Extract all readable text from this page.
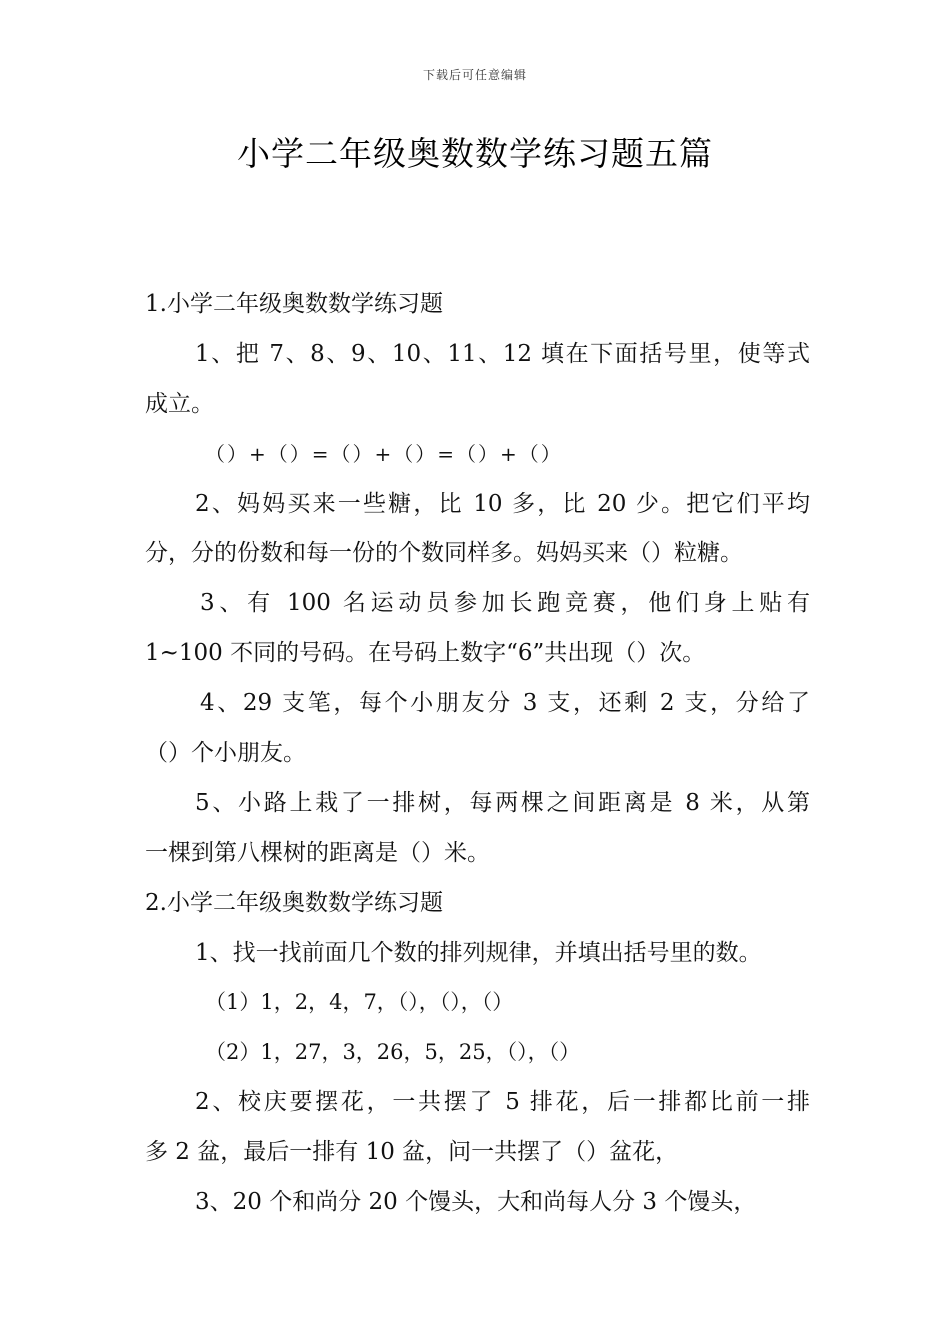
下载后可任意编辑
小学二年级奥数数学练习题五篇
1.小学二年级奥数数学练习题
1、把 7、8、9、10、11、12 填在下面括号里，使等式
成立。
（）+（）=（）+（）=（）+（）
2、妈妈买来一些糖，比 10 多，比 20 少。把它们平均
分，分的份数和每一份的个数同样多。妈妈买来（）粒糖。
3、有 100 名运动员参加长跑竞赛，他们身上贴有
1~100 不同的号码。在号码上数字“6”共出现（）次。
4、29 支笔，每个小朋友分 3 支，还剩 2 支，分给了
（）个小朋友。
5、小路上栽了一排树，每两棵之间距离是 8 米，从第
一棵到第八棵树的距离是（）米。
2.小学二年级奥数数学练习题
1、找一找前面几个数的排列规律，并填出括号里的数。
（1）1，2，4，7，（），（），（）
（2）1，27，3，26，5，25，（），（）
2、校庆要摆花，一共摆了 5 排花，后一排都比前一排
多 2 盆，最后一排有 10 盆，问一共摆了（）盆花，
3、20 个和尚分 20 个馒头，大和尚每人分 3 个馒头，
